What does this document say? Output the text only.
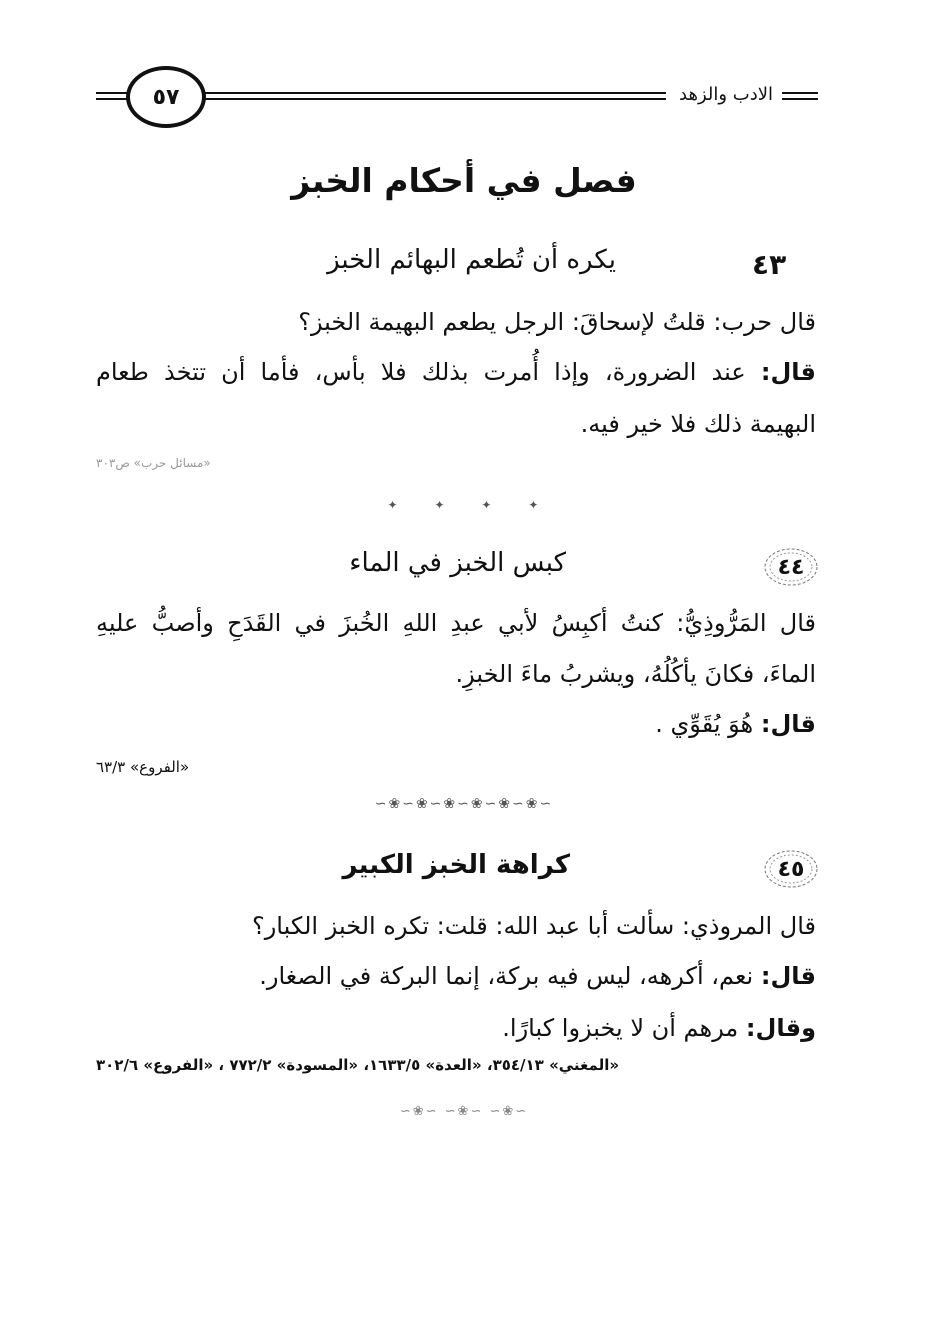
٥٧	الادب والزهد
فصل في أحكام الخبز
٤٣
يكره أن تُطعم البهائم الخبز
قال حرب: قلتُ لإسحاقَ: الرجل يطعم البهيمة الخبز؟
قال: عند الضرورة، وإذا أُمرت بذلك فلا بأس، فأما أن تتخذ طعام
البهيمة ذلك فلا خير فيه.
«مسائل حرب» ص٣٠٣
✦      ✦      ✦      ✦
٤٤
كبس الخبز في الماء
قال المَرُّوذِيُّ: كنتُ أكبِسُ لأبي عبدِ اللهِ الخُبزَ في القَدَحِ وأصبُّ عليهِ
الماءَ، فكانَ يأكُلُهُ، ويشربُ ماءَ الخبزِ.
قال: هُوَ يُقَوِّي .
«الفروع» ٦٣/٣
∽❀∽❀∽❀∽❀∽❀∽❀∽
٤٥
كراهة الخبز الكبير
قال المروذي: سألت أبا عبد الله: قلت: تكره الخبز الكبار؟
قال: نعم، أكرهه، ليس فيه بركة، إنما البركة في الصغار.
وقال: مرهم أن لا يخبزوا كبارًا.
«المغني» ٣٥٤/١٣، «العدة» ١٦٣٣/٥، «المسودة» ٧٧٢/٢ ، «الفروع» ٣٠٢/٦
∽❀∽ ∽❀∽ ∽❀∽
